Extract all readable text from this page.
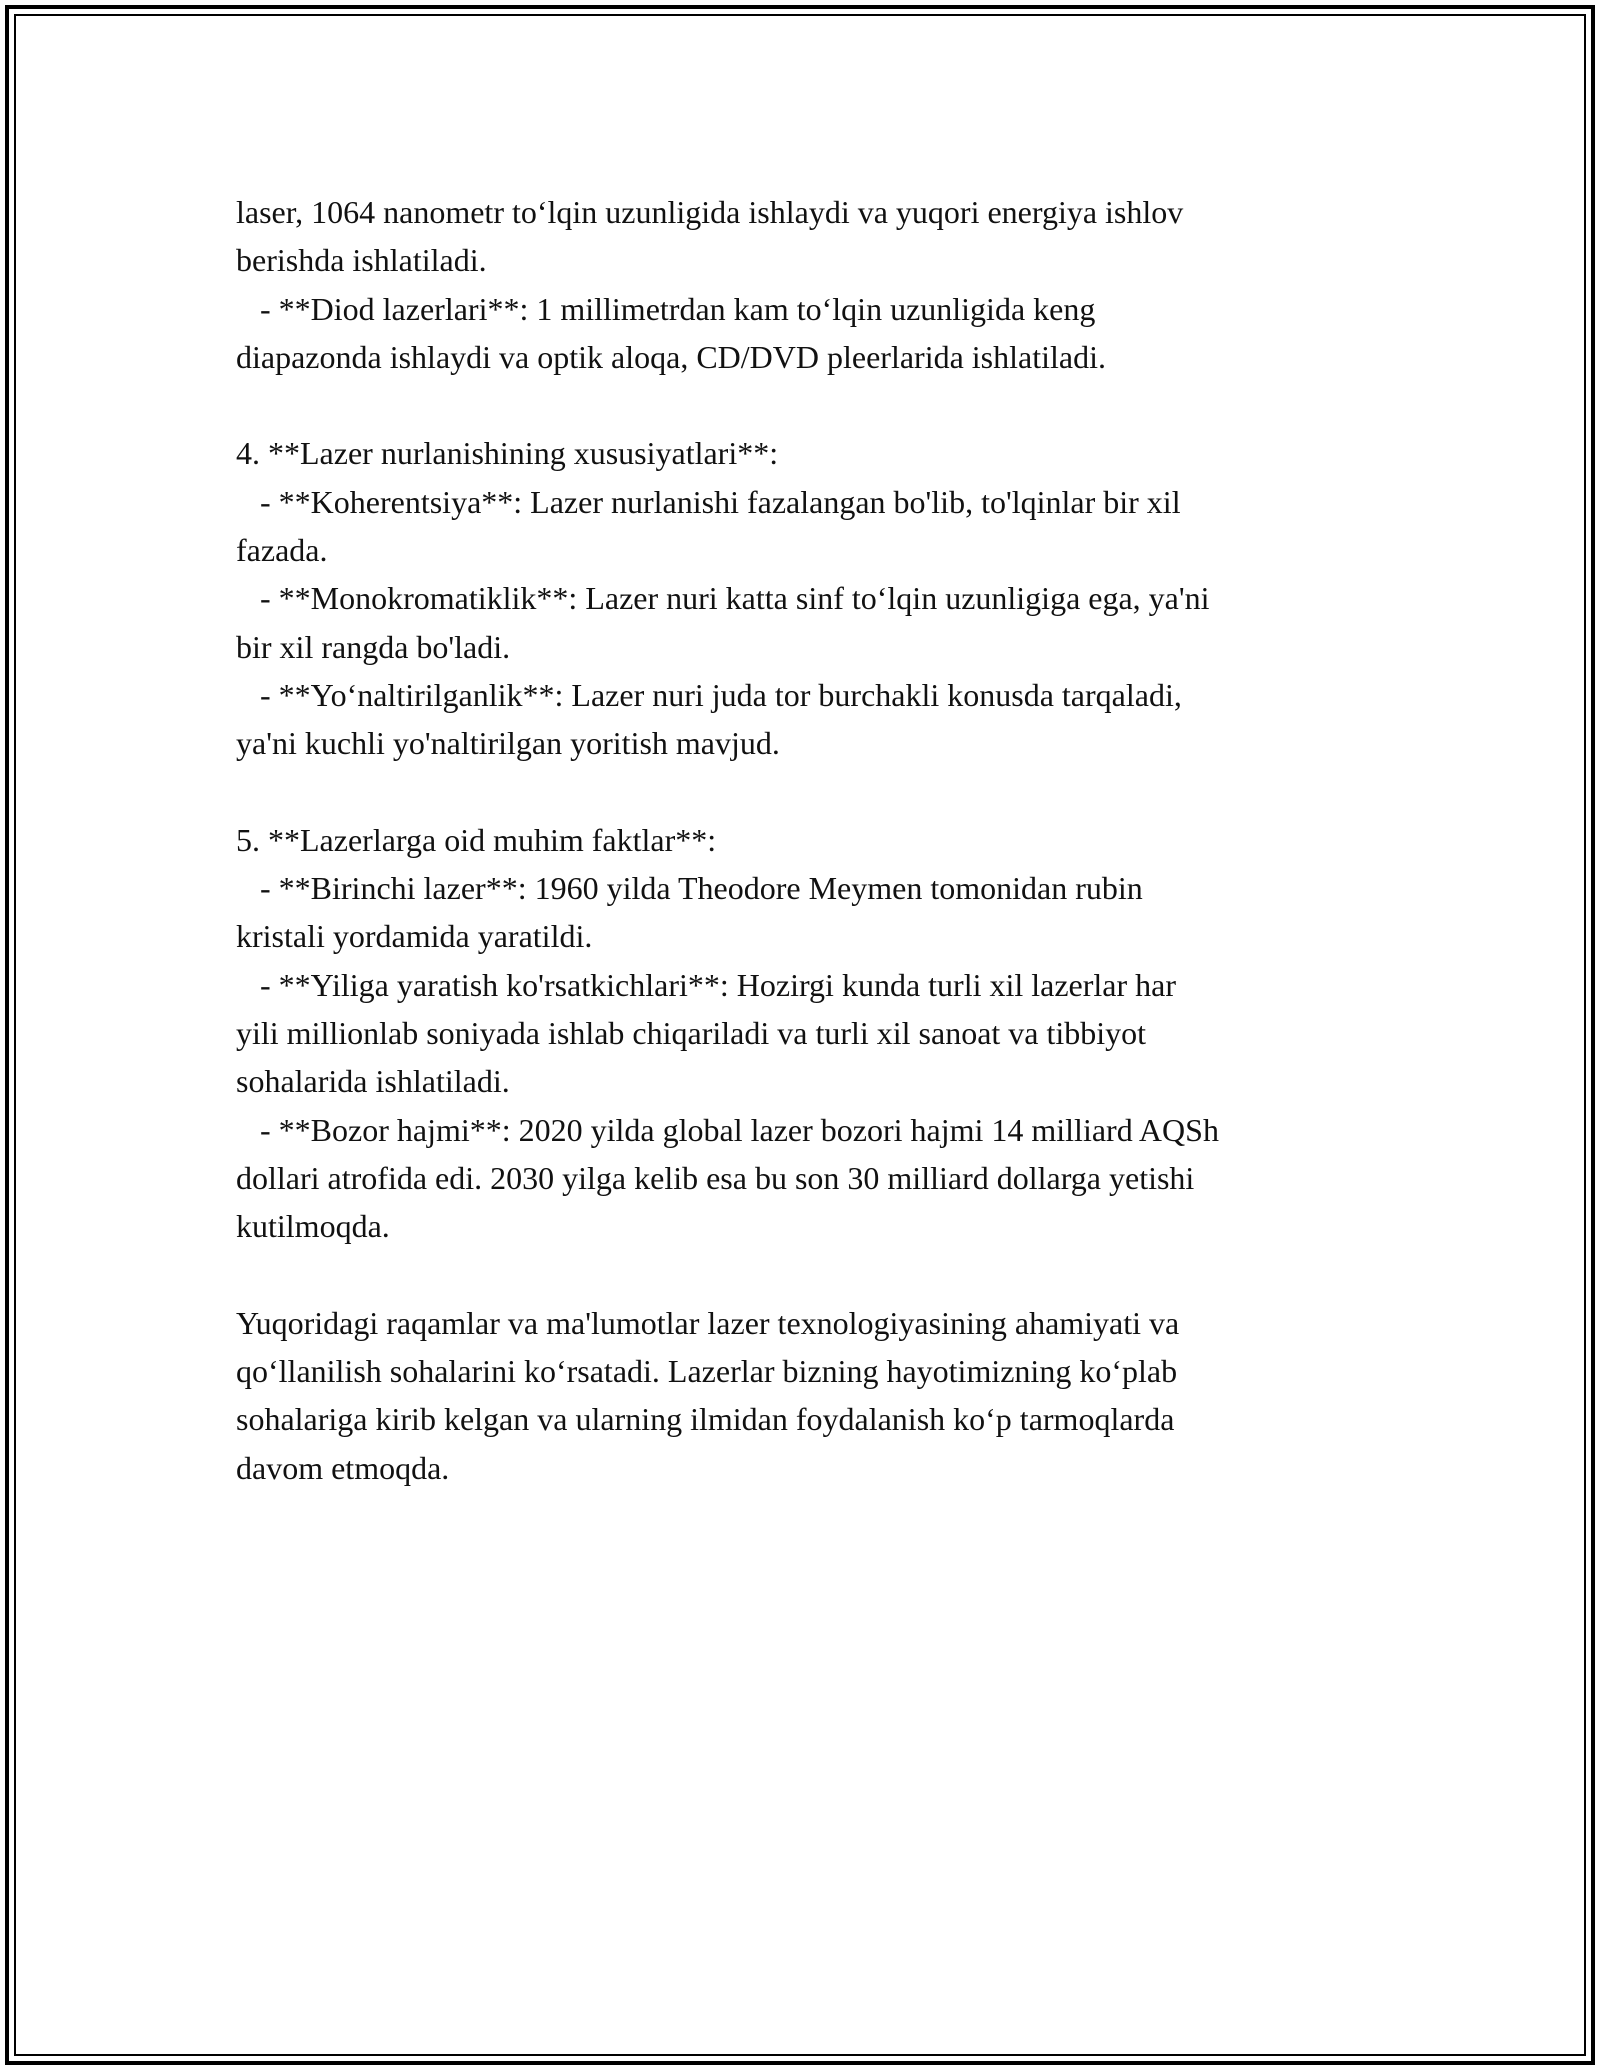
laser, 1064 nanometr to‘lqin uzunligida ishlaydi va yuqori energiya ishlov

berishda ishlatiladi.

- **Diod lazerlari**: 1 millimetrdan kam to‘lqin uzunligida keng

diapazonda ishlaydi va optik aloqa, CD/DVD pleerlarida ishlatiladi.

4. **Lazer nurlanishining xususiyatlari**:

- **Koherentsiya**: Lazer nurlanishi fazalangan bo'lib, to'lqinlar bir xil

fazada.

- **Monokromatiklik**: Lazer nuri katta sinf to‘lqin uzunligiga ega, ya'ni

bir xil rangda bo'ladi.

- **Yo‘naltirilganlik**: Lazer nuri juda tor burchakli konusda tarqaladi,

ya'ni kuchli yo'naltirilgan yoritish mavjud.

5. **Lazerlarga oid muhim faktlar**:

- **Birinchi lazer**: 1960 yilda Theodore Meymen tomonidan rubin

kristali yordamida yaratildi.

- **Yiliga yaratish ko'rsatkichlari**: Hozirgi kunda turli xil lazerlar har

yili millionlab soniyada ishlab chiqariladi va turli xil sanoat va tibbiyot

sohalarida ishlatiladi.

- **Bozor hajmi**: 2020 yilda global lazer bozori hajmi 14 milliard AQSh

dollari atrofida edi. 2030 yilga kelib esa bu son 30 milliard dollarga yetishi

kutilmoqda.

Yuqoridagi raqamlar va ma'lumotlar lazer texnologiyasining ahamiyati va

qo‘llanilish sohalarini ko‘rsatadi. Lazerlar bizning hayotimizning ko‘plab

sohalariga kirib kelgan va ularning ilmidan foydalanish ko‘p tarmoqlarda

davom etmoqda.
